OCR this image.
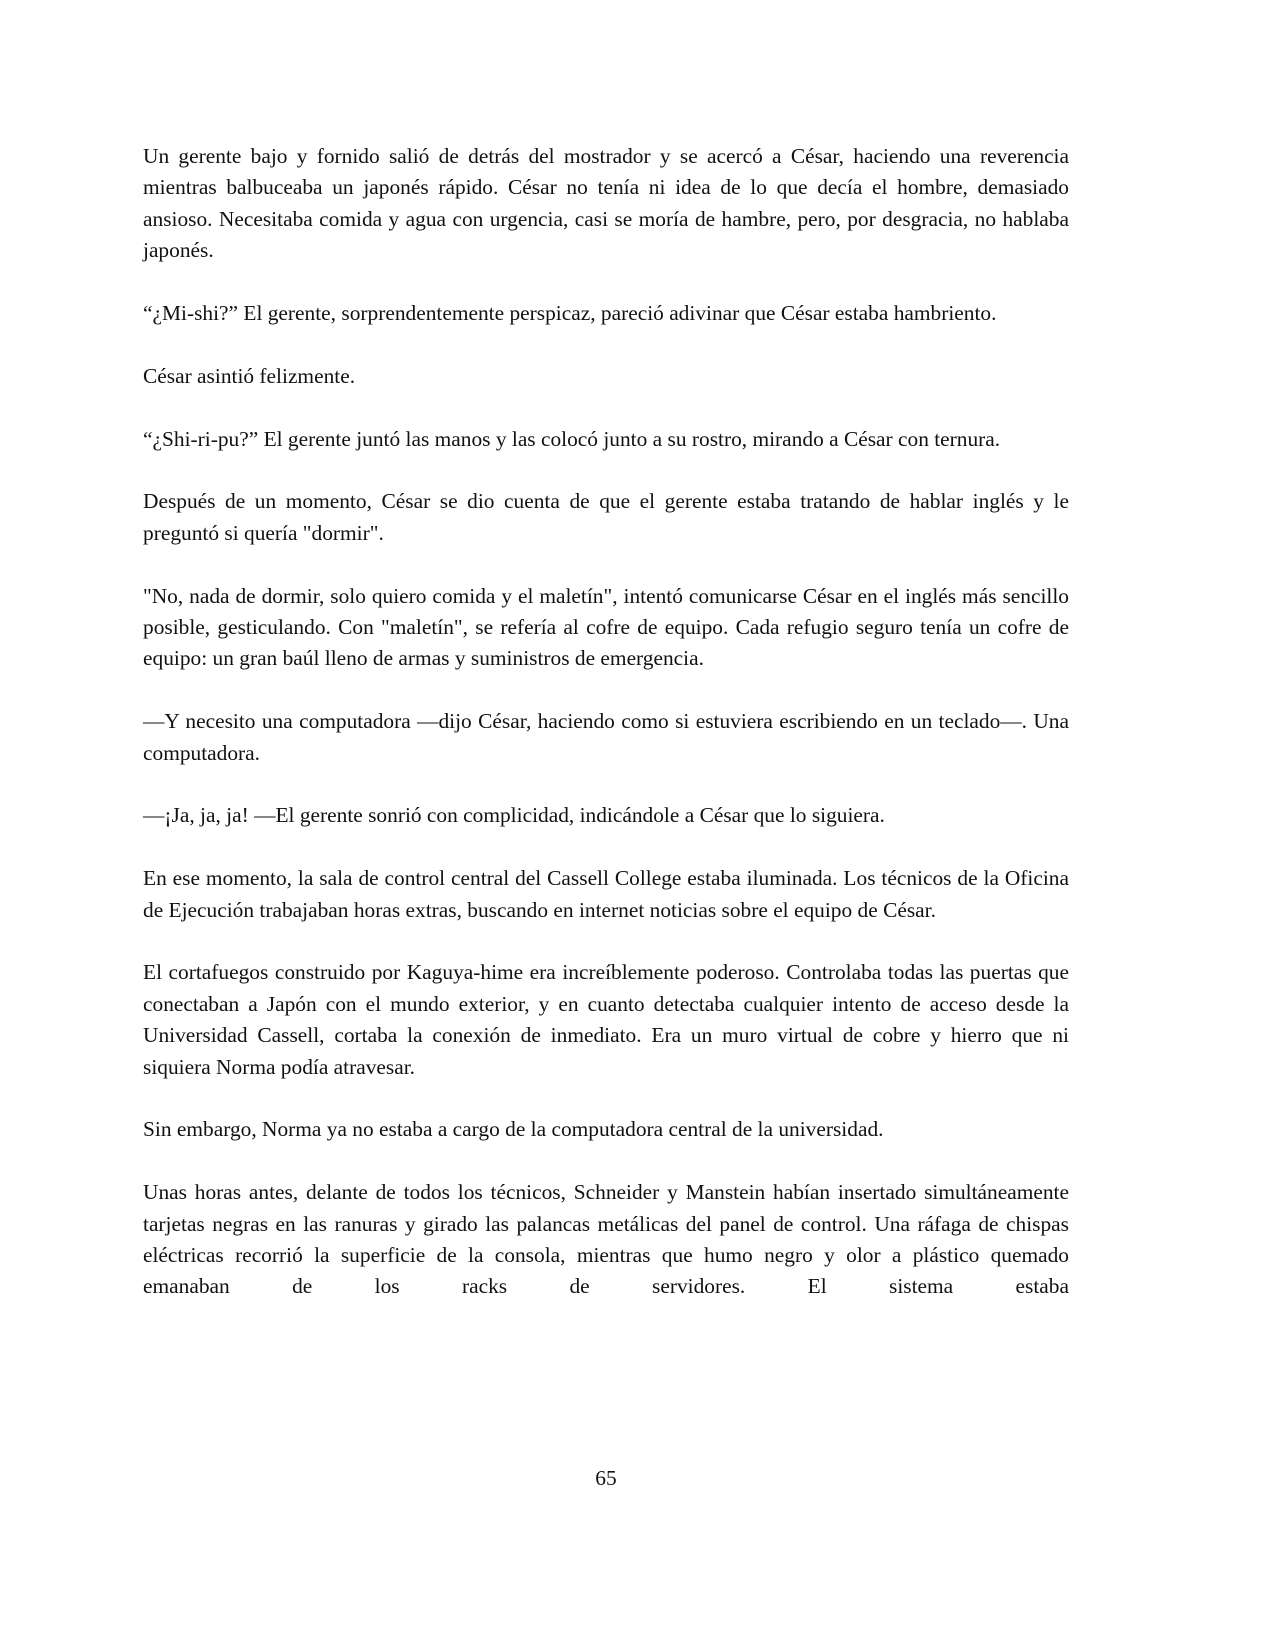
Un gerente bajo y fornido salió de detrás del mostrador y se acercó a César, haciendo una reverencia mientras balbuceaba un japonés rápido. César no tenía ni idea de lo que decía el hombre, demasiado ansioso. Necesitaba comida y agua con urgencia, casi se moría de hambre, pero, por desgracia, no hablaba japonés.

“¿Mi-shi?” El gerente, sorprendentemente perspicaz, pareció adivinar que César estaba hambriento.

César asintió felizmente.

“¿Shi-ri-pu?” El gerente juntó las manos y las colocó junto a su rostro, mirando a César con ternura.

Después de un momento, César se dio cuenta de que el gerente estaba tratando de hablar inglés y le preguntó si quería "dormir".

"No, nada de dormir, solo quiero comida y el maletín", intentó comunicarse César en el inglés más sencillo posible, gesticulando. Con "maletín", se refería al cofre de equipo. Cada refugio seguro tenía un cofre de equipo: un gran baúl lleno de armas y suministros de emergencia.

—Y necesito una computadora —dijo César, haciendo como si estuviera escribiendo en un teclado—. Una computadora.

—¡Ja, ja, ja! —El gerente sonrió con complicidad, indicándole a César que lo siguiera.

En ese momento, la sala de control central del Cassell College estaba iluminada. Los técnicos de la Oficina de Ejecución trabajaban horas extras, buscando en internet noticias sobre el equipo de César.

El cortafuegos construido por Kaguya-hime era increíblemente poderoso. Controlaba todas las puertas que conectaban a Japón con el mundo exterior, y en cuanto detectaba cualquier intento de acceso desde la Universidad Cassell, cortaba la conexión de inmediato. Era un muro virtual de cobre y hierro que ni siquiera Norma podía atravesar.

Sin embargo, Norma ya no estaba a cargo de la computadora central de la universidad.

Unas horas antes, delante de todos los técnicos, Schneider y Manstein habían insertado simultáneamente tarjetas negras en las ranuras y girado las palancas metálicas del panel de control. Una ráfaga de chispas eléctricas recorrió la superficie de la consola, mientras que humo negro y olor a plástico quemado emanaban de los racks de servidores. El sistema estaba

65
